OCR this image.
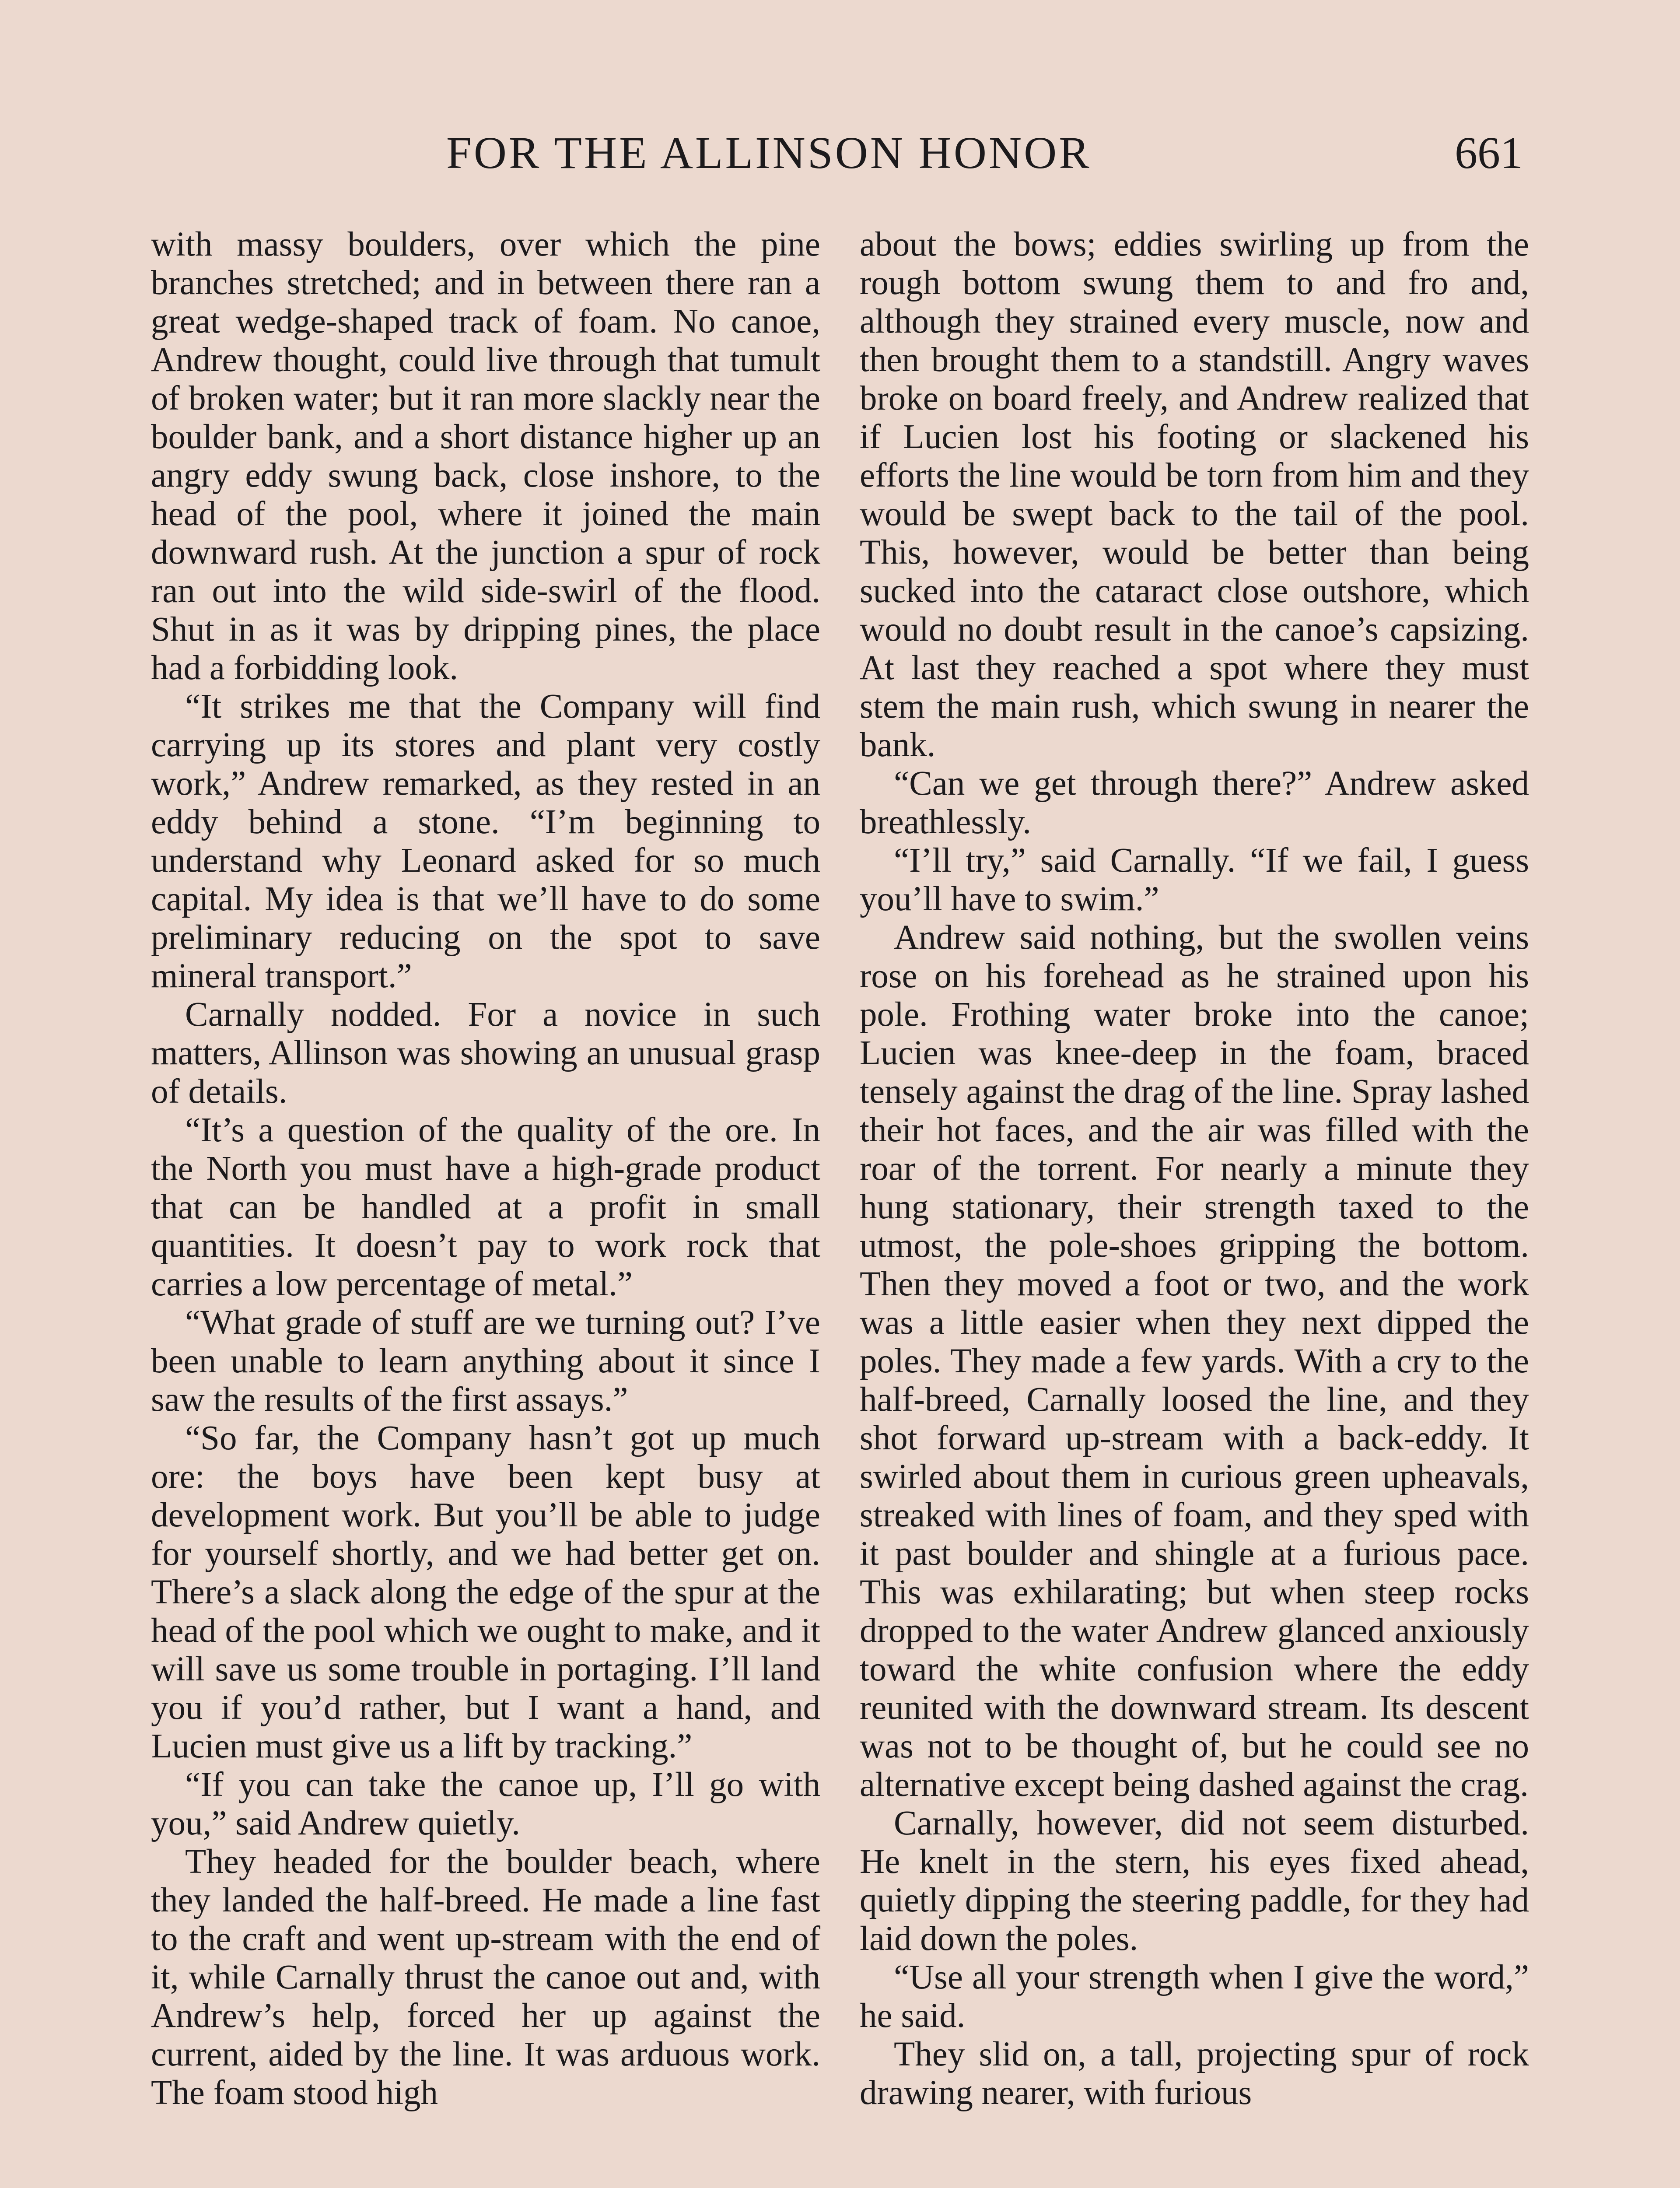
FOR THE ALLINSON HONOR	661

with massy boulders, over which the pine branches stretched; and in between there ran a great wedge-shaped track of foam. No canoe, Andrew thought, could live through that tumult of broken water; but it ran more slackly near the boulder bank, and a short distance higher up an angry eddy swung back, close inshore, to the head of the pool, where it joined the main downward rush. At the junction a spur of rock ran out into the wild side-swirl of the flood. Shut in as it was by dripping pines, the place had a forbidding look.

“It strikes me that the Company will find carrying up its stores and plant very costly work,” Andrew remarked, as they rested in an eddy behind a stone. “I’m beginning to understand why Leonard asked for so much capital. My idea is that we’ll have to do some preliminary reducing on the spot to save mineral transport.”

Carnally nodded. For a novice in such matters, Allinson was showing an unusual grasp of details.

“It’s a question of the quality of the ore. In the North you must have a high-grade product that can be handled at a profit in small quantities. It doesn’t pay to work rock that carries a low percentage of metal.”

“What grade of stuff are we turning out? I’ve been unable to learn anything about it since I saw the results of the first assays.”

“So far, the Company hasn’t got up much ore: the boys have been kept busy at development work. But you’ll be able to judge for yourself shortly, and we had better get on. There’s a slack along the edge of the spur at the head of the pool which we ought to make, and it will save us some trouble in portaging. I’ll land you if you’d rather, but I want a hand, and Lucien must give us a lift by tracking.”

“If you can take the canoe up, I’ll go with you,” said Andrew quietly.

They headed for the boulder beach, where they landed the half-breed. He made a line fast to the craft and went up-stream with the end of it, while Carnally thrust the canoe out and, with Andrew’s help, forced her up against the current, aided by the line. It was arduous work. The foam stood high

about the bows; eddies swirling up from the rough bottom swung them to and fro and, although they strained every muscle, now and then brought them to a standstill. Angry waves broke on board freely, and Andrew realized that if Lucien lost his footing or slackened his efforts the line would be torn from him and they would be swept back to the tail of the pool. This, however, would be better than being sucked into the cataract close outshore, which would no doubt result in the canoe’s capsizing. At last they reached a spot where they must stem the main rush, which swung in nearer the bank.

“Can we get through there?” Andrew asked breathlessly.

“I’ll try,” said Carnally. “If we fail, I guess you’ll have to swim.”

Andrew said nothing, but the swollen veins rose on his forehead as he strained upon his pole. Frothing water broke into the canoe; Lucien was knee-deep in the foam, braced tensely against the drag of the line. Spray lashed their hot faces, and the air was filled with the roar of the torrent. For nearly a minute they hung stationary, their strength taxed to the utmost, the pole-shoes gripping the bottom. Then they moved a foot or two, and the work was a little easier when they next dipped the poles. They made a few yards. With a cry to the half-breed, Carnally loosed the line, and they shot forward up-stream with a back-eddy. It swirled about them in curious green upheavals, streaked with lines of foam, and they sped with it past boulder and shingle at a furious pace. This was exhilarating; but when steep rocks dropped to the water Andrew glanced anxiously toward the white confusion where the eddy reunited with the downward stream. Its descent was not to be thought of, but he could see no alternative except being dashed against the crag.

Carnally, however, did not seem disturbed. He knelt in the stern, his eyes fixed ahead, quietly dipping the steering paddle, for they had laid down the poles.

“Use all your strength when I give the word,” he said.

They slid on, a tall, projecting spur of rock drawing nearer, with furious
